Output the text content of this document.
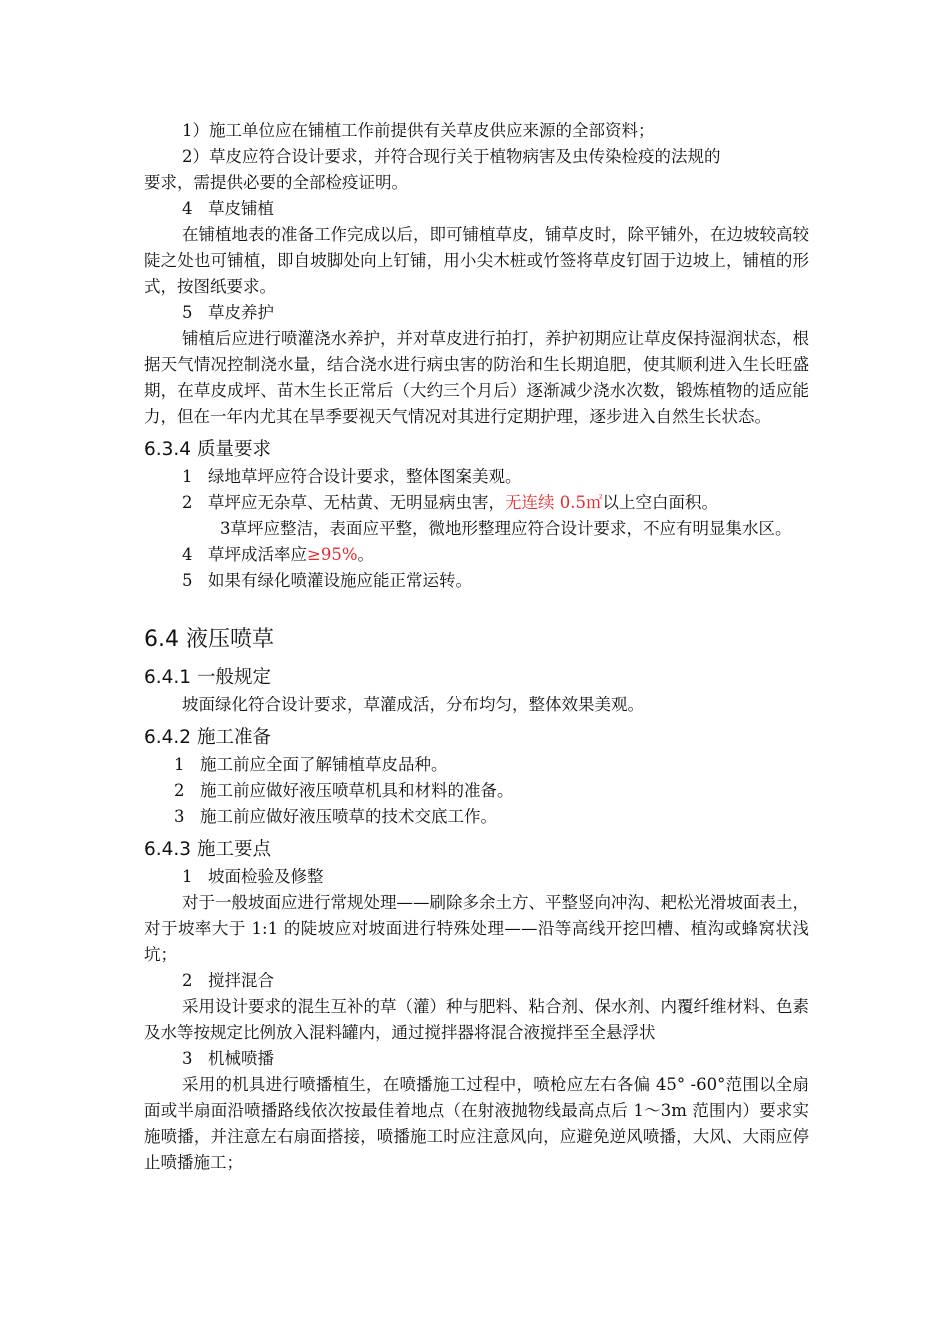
1）施工单位应在铺植工作前提供有关草皮供应来源的全部资料；

2）草皮应符合设计要求，并符合现行关于植物病害及虫传染检疫的法规的

要求，需提供必要的全部检疫证明。

4 草皮铺植

在铺植地表的准备工作完成以后，即可铺植草皮，铺草皮时，除平铺外，在边坡较高较陡之处也可铺植，即自坡脚处向上钉铺，用小尖木桩或竹签将草皮钉固于边坡上，铺植的形式，按图纸要求。

5 草皮养护

铺植后应进行喷灌浇水养护，并对草皮进行拍打，养护初期应让草皮保持湿润状态，根据天气情况控制浇水量，结合浇水进行病虫害的防治和生长期追肥，使其顺利进入生长旺盛期，在草皮成坪、苗木生长正常后（大约三个月后）逐渐减少浇水次数，锻炼植物的适应能力，但在一年内尤其在旱季要视天气情况对其进行定期护理，逐步进入自然生长状态。

6.3.4 质量要求

1 绿地草坪应符合设计要求，整体图案美观。

2 草坪应无杂草、无枯黄、无明显病虫害，无连续 0.5㎡以上空白面积。

3草坪应整洁，表面应平整，微地形整理应符合设计要求，不应有明显集水区。

4 草坪成活率应≥95%。

5 如果有绿化喷灌设施应能正常运转。

6.4 液压喷草

6.4.1 一般规定

坡面绿化符合设计要求，草灌成活，分布均匀，整体效果美观。

6.4.2 施工准备

1 施工前应全面了解铺植草皮品种。

2 施工前应做好液压喷草机具和材料的准备。

3 施工前应做好液压喷草的技术交底工作。

6.4.3 施工要点

1 坡面检验及修整

对于一般坡面应进行常规处理——刷除多余土方、平整竖向冲沟、耙松光滑坡面表土，对于坡率大于 1:1 的陡坡应对坡面进行特殊处理——沿等高线开挖凹槽、植沟或蜂窝状浅坑；

2 搅拌混合

采用设计要求的混生互补的草（灌）种与肥料、粘合剂、保水剂、内覆纤维材料、色素及水等按规定比例放入混料罐内，通过搅拌器将混合液搅拌至全悬浮状

3 机械喷播

采用的机具进行喷播植生，在喷播施工过程中，喷枪应左右各偏 45° -60°范围以全扇面或半扇面沿喷播路线依次按最佳着地点（在射液抛物线最高点后 1～3m 范围内）要求实施喷播，并注意左右扇面搭接，喷播施工时应注意风向，应避免逆风喷播，大风、大雨应停止喷播施工；
